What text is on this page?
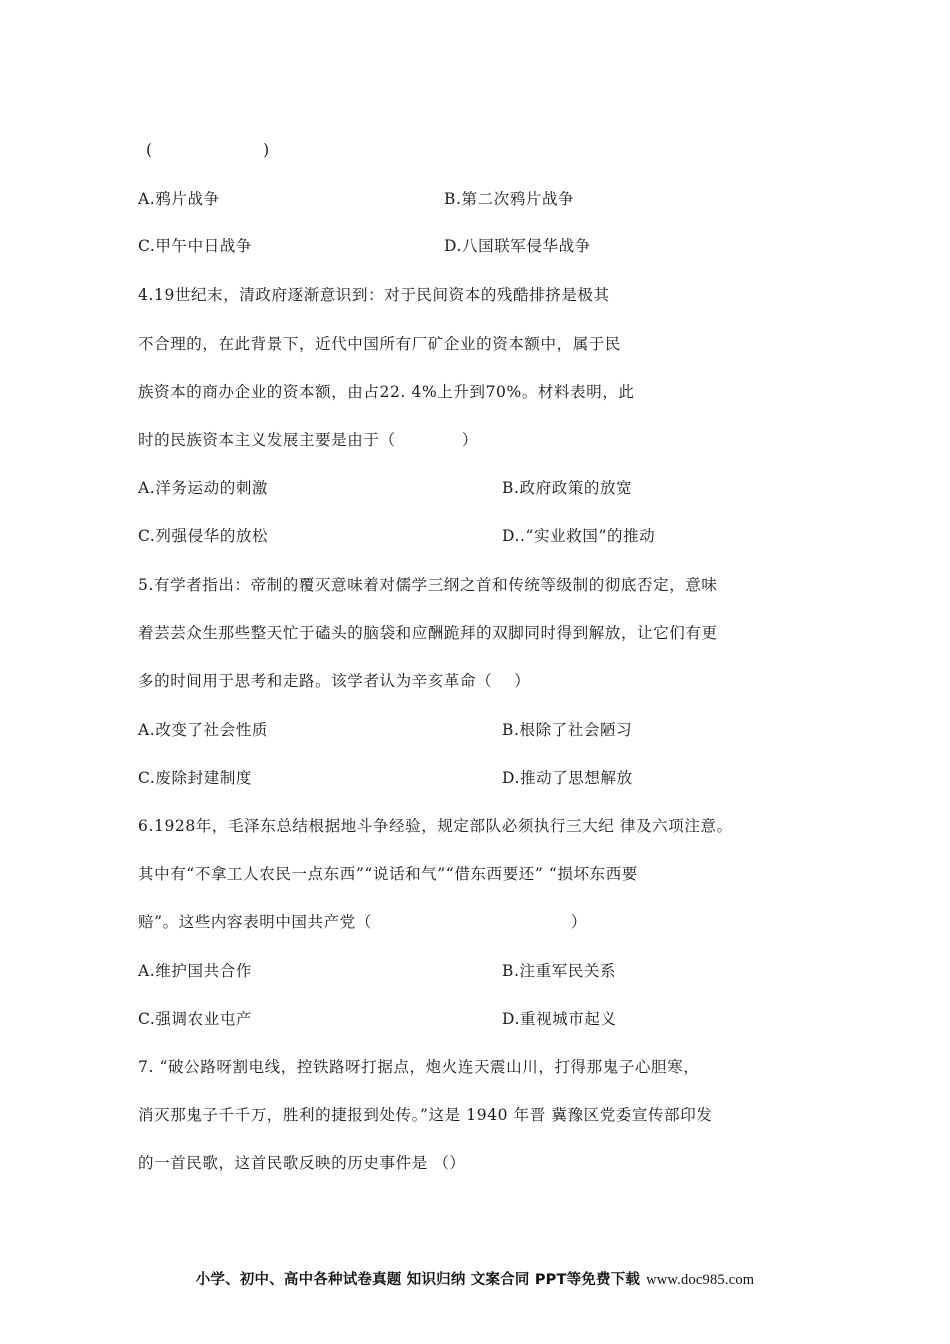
(                    )
A.鸦片战争	B.第二次鸦片战争
C.甲午中日战争	D.八国联军侵华战争
4.19世纪末，清政府逐渐意识到：对于民间资本的残酷排挤是极其
不合理的，在此背景下，近代中国所有厂矿企业的资本额中，属于民
族资本的商办企业的资本额，由占22. 4%上升到70%。材料表明，此
时的民族资本主义发展主要是由于（            ）
A.洋务运动的刺激	B.政府政策的放宽
C.列强侵华的放松	D..“实业救国”的推动
5.有学者指出：帝制的覆灭意味着对儒学三纲之首和传统等级制的彻底否定，意味
着芸芸众生那些整天忙于磕头的脑袋和应酬跪拜的双脚同时得到解放，让它们有更
多的时间用于思考和走路。该学者认为辛亥革命（    ）
A.改变了社会性质	B.根除了社会陋习
C.废除封建制度	D.推动了思想解放
6.1928年，毛泽东总结根据地斗争经验，规定部队必须执行三大纪 律及六项注意。
其中有“不拿工人农民一点东西”“说话和气”“借东西要还” “损坏东西要
赔”。这些内容表明中国共产党（                                    ）
A.维护国共合作	B.注重军民关系
C.强调农业屯产	D.重视城市起义
7. “破公路呀割电线，控铁路呀打据点，炮火连天震山川，打得那鬼子心胆寒，
消灭那鬼子千千万，胜利的捷报到处传。”这是 1940 年晋 冀豫区党委宣传部印发
的一首民歌，这首民歌反映的历史事件是 （）
小学、初中、高中各种试卷真题 知识归纳 文案合同 PPT等免费下载 www.doc985.com
